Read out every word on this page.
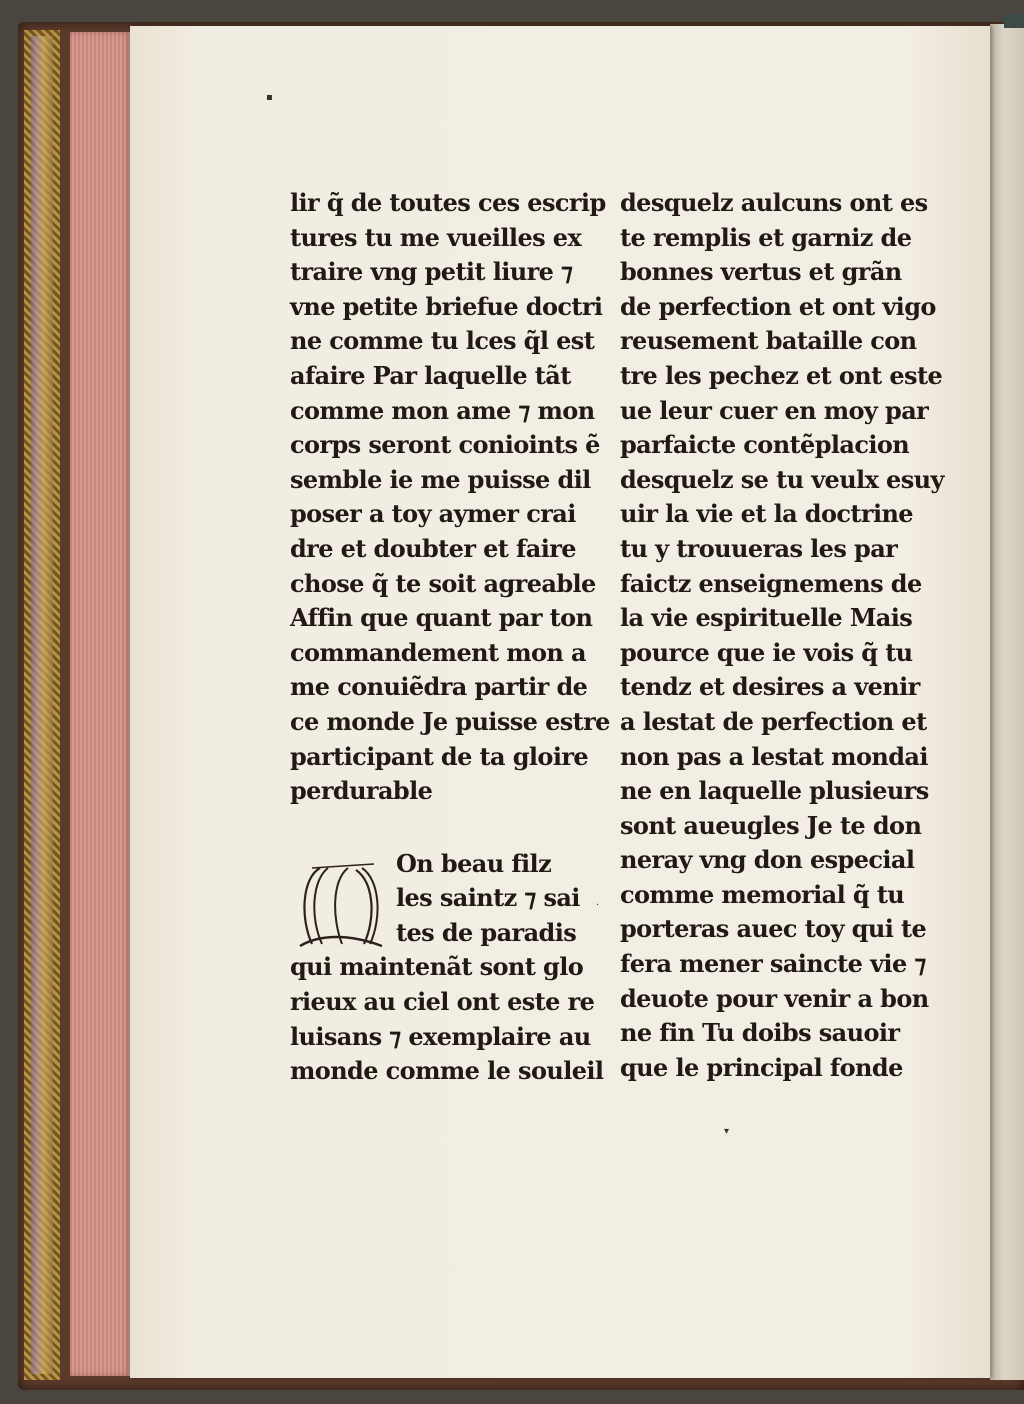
▪
·
▾
lir q̃ de toutes ces escrip
tures tu me vueilles ex
traire vng petit liure ⁊
vne petite briefue doctri
ne comme tu lces q̃l est
afaire Par laquelle tãt
comme mon ame ⁊ mon
corps seront conioints ẽ
semble ie me puisse dil
poser a toy aymer crai
dre et doubter et faire
chose q̃ te soit agreable
Affin que quant par ton
commandement mon a
me conuiẽdra partir de
ce monde Je puisse estre
participant de ta gloire
perdurable
On beau filz
les saintz ⁊ sai
tes de paradis
qui maintenãt sont glo
rieux au ciel ont este re
luisans ⁊ exemplaire au
monde comme le souleil
M
desquelz aulcuns ont es
te remplis et garniz de
bonnes vertus et grãn
de perfection et ont vigo
reusement bataille con
tre les pechez et ont este
ue leur cuer en moy par
parfaicte contẽplacion
desquelz se tu veulx esuy
uir la vie et la doctrine
tu y trouueras les par
faictz enseignemens de
la vie espirituelle Mais
pource que ie vois q̃ tu
tendz et desires a venir
a lestat de perfection et
non pas a lestat mondai
ne en laquelle plusieurs
sont aueugles Je te don
neray vng don especial
comme memorial q̃ tu
porteras auec toy qui te
fera mener saincte vie ⁊
deuote pour venir a bon
ne fin Tu doibs sauoir
que le principal fonde
